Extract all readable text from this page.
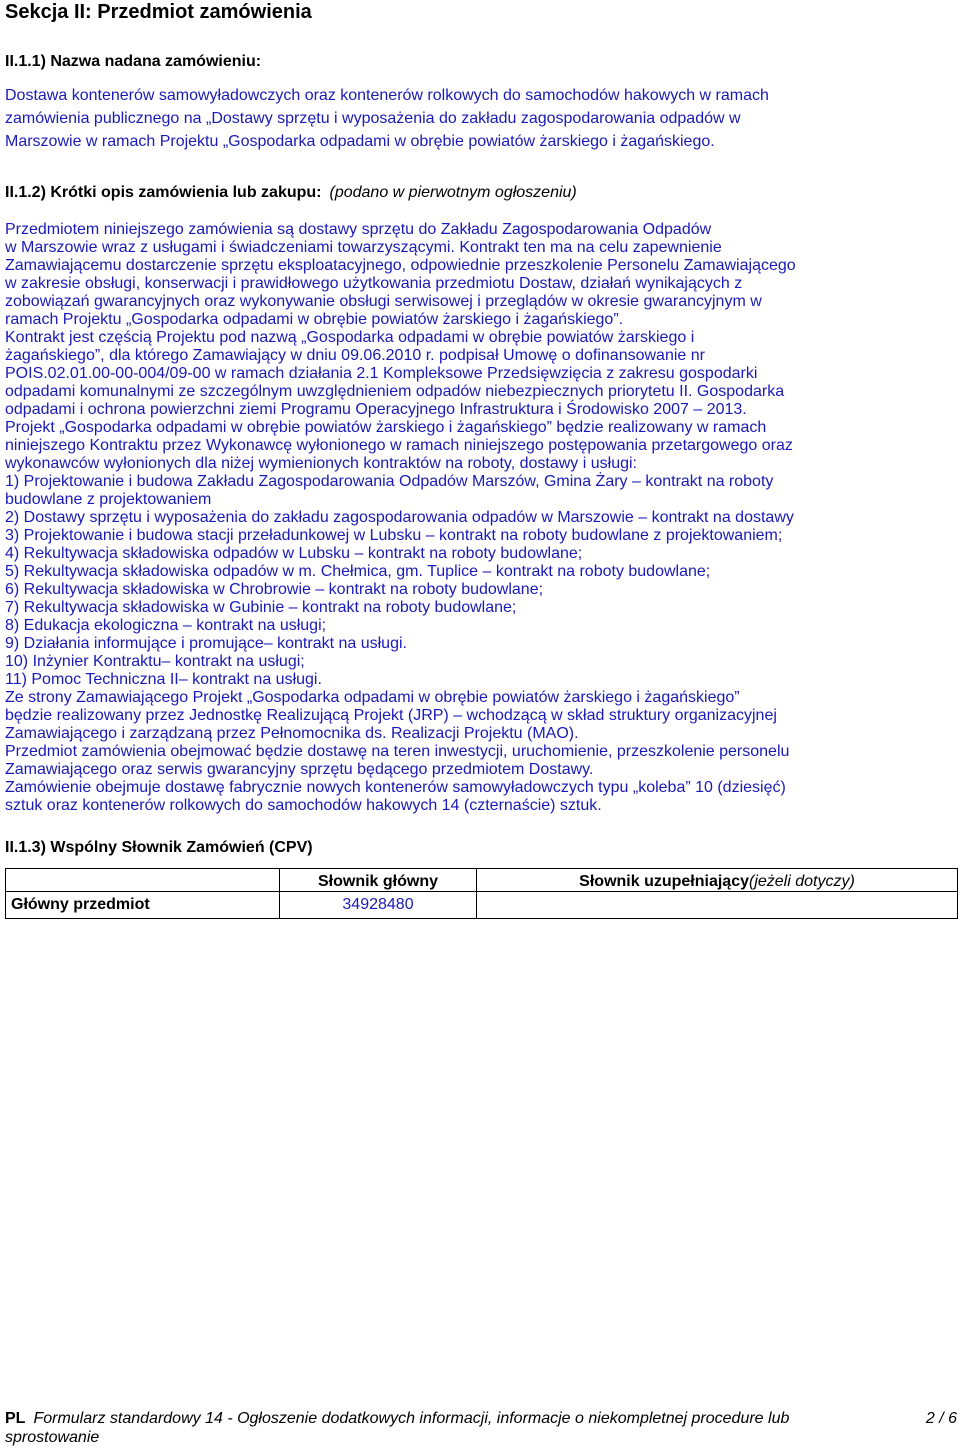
Sekcja II: Przedmiot zamówienia
II.1.1) Nazwa nadana zamówieniu:
Dostawa kontenerów samowyładowczych oraz kontenerów rolkowych do samochodów hakowych w ramach
zamówienia publicznego na „Dostawy sprzętu i wyposażenia do zakładu zagospodarowania odpadów w
Marszowie w ramach Projektu „Gospodarka odpadami w obrębie powiatów żarskiego i żagańskiego.
II.1.2) Krótki opis zamówienia lub zakupu: (podano w pierwotnym ogłoszeniu)
Przedmiotem niniejszego zamówienia są dostawy sprzętu do Zakładu Zagospodarowania Odpadów
w Marszowie wraz z usługami i świadczeniami towarzyszącymi. Kontrakt ten ma na celu zapewnienie
Zamawiającemu dostarczenie sprzętu eksploatacyjnego, odpowiednie przeszkolenie Personelu Zamawiającego
w zakresie obsługi, konserwacji i prawidłowego użytkowania przedmiotu Dostaw, działań wynikających z
zobowiązań gwarancyjnych oraz wykonywanie obsługi serwisowej i przeglądów w okresie gwarancyjnym w
ramach Projektu „Gospodarka odpadami w obrębie powiatów żarskiego i żagańskiego”.
Kontrakt jest częścią Projektu pod nazwą „Gospodarka odpadami w obrębie powiatów żarskiego i
żagańskiego”, dla którego Zamawiający w dniu 09.06.2010 r. podpisał Umowę o dofinansowanie nr
POIS.02.01.00-00-004/09-00 w ramach działania 2.1 Kompleksowe Przedsięwzięcia z zakresu gospodarki
odpadami komunalnymi ze szczególnym uwzględnieniem odpadów niebezpiecznych priorytetu II. Gospodarka
odpadami i ochrona powierzchni ziemi Programu Operacyjnego Infrastruktura i Środowisko 2007 – 2013.
Projekt „Gospodarka odpadami w obrębie powiatów żarskiego i żagańskiego” będzie realizowany w ramach
niniejszego Kontraktu przez Wykonawcę wyłonionego w ramach niniejszego postępowania przetargowego oraz
wykonawców wyłonionych dla niżej wymienionych kontraktów na roboty, dostawy i usługi:
1) Projektowanie i budowa Zakładu Zagospodarowania Odpadów Marszów, Gmina Żary – kontrakt na roboty
budowlane z projektowaniem
2) Dostawy sprzętu i wyposażenia do zakładu zagospodarowania odpadów w Marszowie – kontrakt na dostawy
3) Projektowanie i budowa stacji przeładunkowej w Lubsku – kontrakt na roboty budowlane z projektowaniem;
4) Rekultywacja składowiska odpadów w Lubsku – kontrakt na roboty budowlane;
5) Rekultywacja składowiska odpadów w m. Chełmica, gm. Tuplice – kontrakt na roboty budowlane;
6) Rekultywacja składowiska w Chrobrowie – kontrakt na roboty budowlane;
7) Rekultywacja składowiska w Gubinie – kontrakt na roboty budowlane;
8) Edukacja ekologiczna – kontrakt na usługi;
9) Działania informujące i promujące– kontrakt na usługi.
10) Inżynier Kontraktu– kontrakt na usługi;
11) Pomoc Techniczna II– kontrakt na usługi.
Ze strony Zamawiającego Projekt „Gospodarka odpadami w obrębie powiatów żarskiego i żagańskiego”
będzie realizowany przez Jednostkę Realizującą Projekt (JRP) – wchodzącą w skład struktury organizacyjnej
Zamawiającego i zarządzaną przez Pełnomocnika ds. Realizacji Projektu (MAO).
Przedmiot zamówienia obejmować będzie dostawę na teren inwestycji, uruchomienie, przeszkolenie personelu
Zamawiającego oraz serwis gwarancyjny sprzętu będącego przedmiotem Dostawy.
Zamówienie obejmuje dostawę fabrycznie nowych kontenerów samowyładowczych typu „koleba” 10 (dziesięć)
sztuk oraz kontenerów rolkowych do samochodów hakowych 14 (czternaście) sztuk.
II.1.3) Wspólny Słownik Zamówień (CPV)
	Słownik główny	Słownik uzupełniający(jeżeli dotyczy)
Główny przedmiot	34928480	
PL Formularz standardowy 14 - Ogłoszenie dodatkowych informacji, informacje o niekompletnej procedure lub
sprostowanie
2 / 6
